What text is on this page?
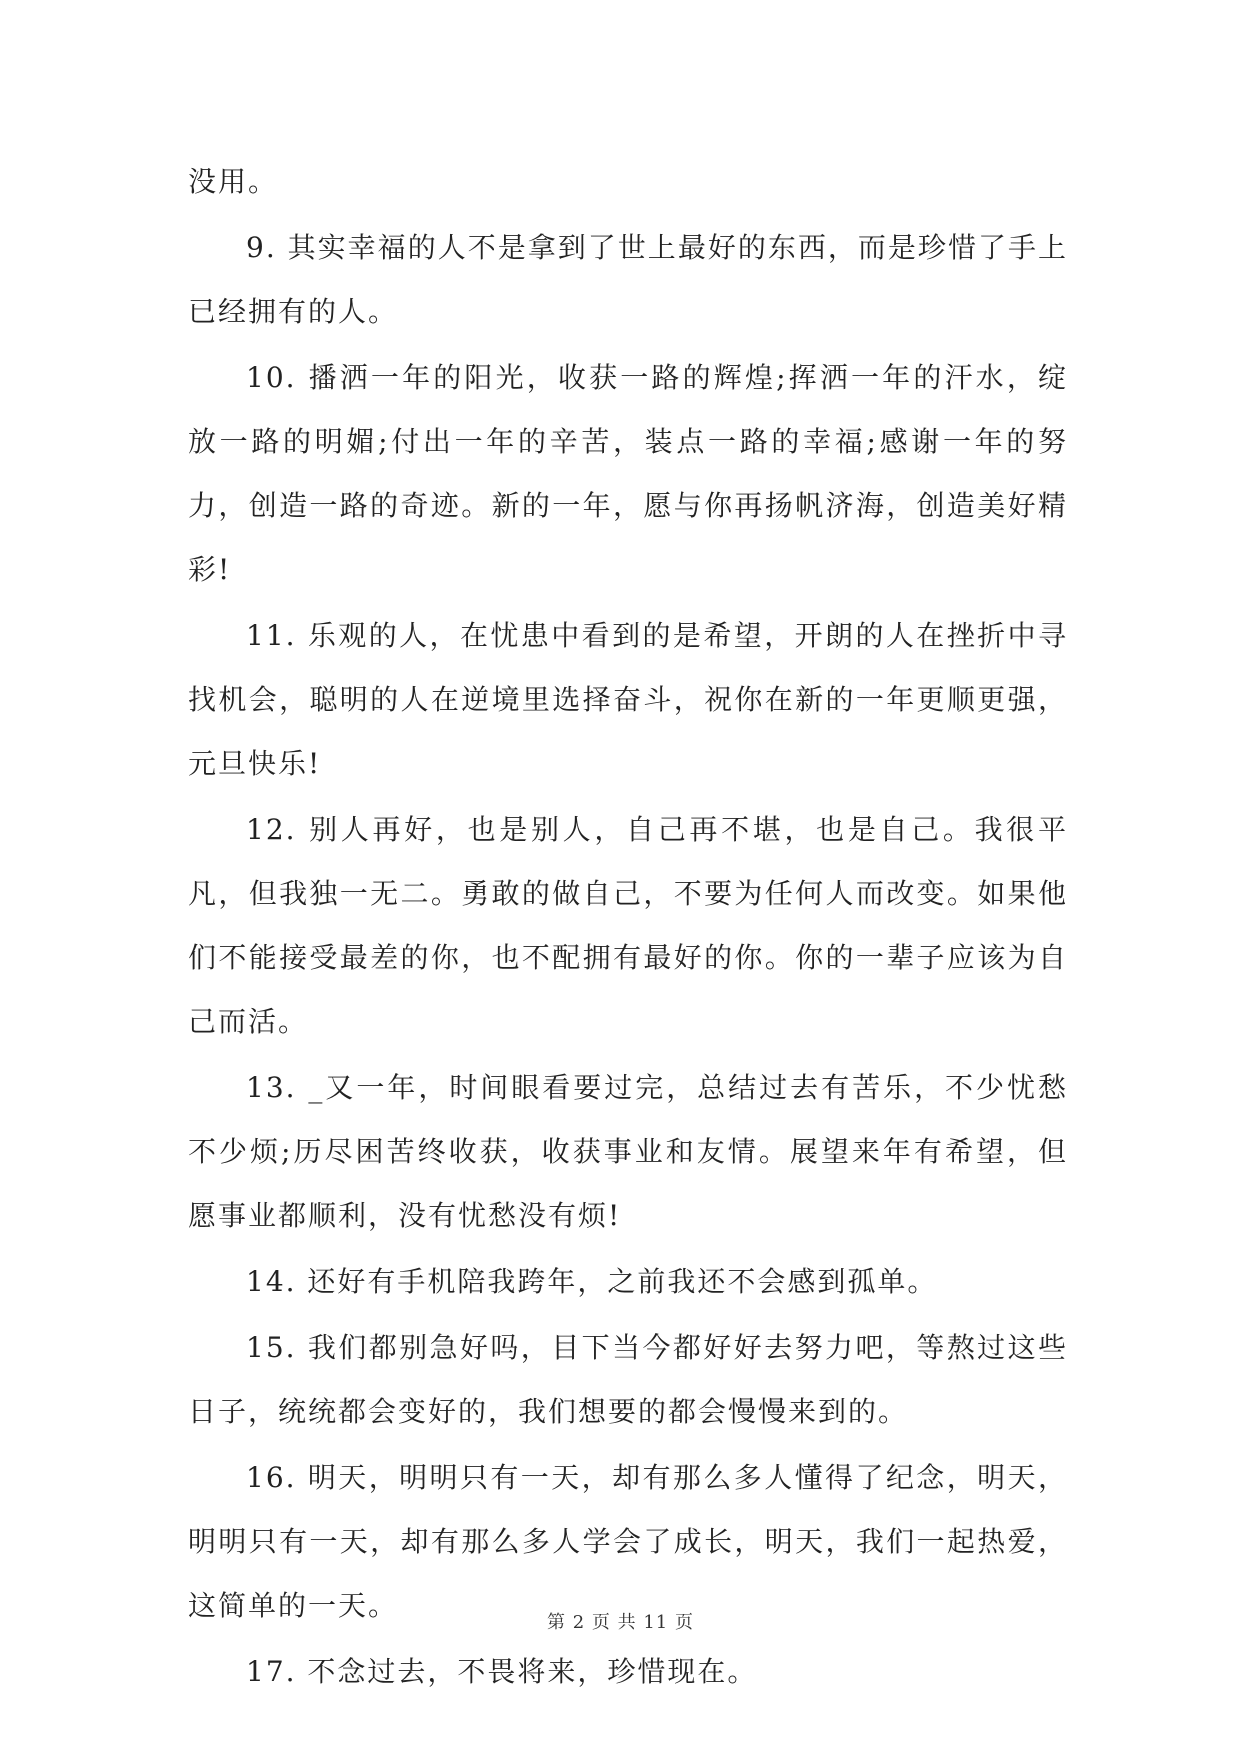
没用。

9. 其实幸福的人不是拿到了世上最好的东西，而是珍惜了手上已经拥有的人。

10. 播洒一年的阳光，收获一路的辉煌;挥洒一年的汗水，绽放一路的明媚;付出一年的辛苦，装点一路的幸福;感谢一年的努力，创造一路的奇迹。新的一年，愿与你再扬帆济海，创造美好精彩!

11. 乐观的人，在忧患中看到的是希望，开朗的人在挫折中寻找机会，聪明的人在逆境里选择奋斗，祝你在新的一年更顺更强，元旦快乐!

12. 别人再好，也是别人，自己再不堪，也是自己。我很平凡，但我独一无二。勇敢的做自己，不要为任何人而改变。如果他们不能接受最差的你，也不配拥有最好的你。你的一辈子应该为自己而活。

13. _又一年，时间眼看要过完，总结过去有苦乐，不少忧愁不少烦;历尽困苦终收获，收获事业和友情。展望来年有希望，但愿事业都顺利，没有忧愁没有烦!

14. 还好有手机陪我跨年，之前我还不会感到孤单。

15. 我们都别急好吗，目下当今都好好去努力吧，等熬过这些日子，统统都会变好的，我们想要的都会慢慢来到的。

16. 明天，明明只有一天，却有那么多人懂得了纪念，明天，明明只有一天，却有那么多人学会了成长，明天，我们一起热爱，这简单的一天。

17. 不念过去，不畏将来，珍惜现在。

第 2 页 共 11 页
